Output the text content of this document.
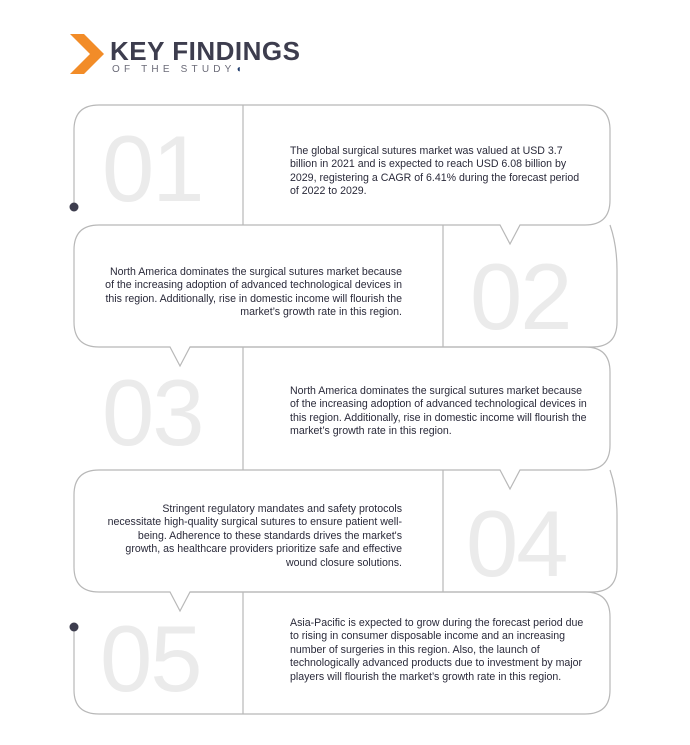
KEY FINDINGS
OF THE STUDY◖
01
02
03
04
05
The global surgical sutures market was valued at USD 3.7 billion in 2021 and is expected to reach USD 6.08 billion by 2029, registering a CAGR of 6.41% during the forecast period of 2022 to 2029.
North America dominates the surgical sutures market because of the increasing adoption of advanced technological devices in this region. Additionally, rise in domestic income will flourish the market’s growth rate in this region.
North America dominates the surgical sutures market because of the increasing adoption of advanced technological devices in this region. Additionally, rise in domestic income will flourish the market’s growth rate in this region.
Stringent regulatory mandates and safety protocols necessitate high-quality surgical sutures to ensure patient well-being. Adherence to these standards drives the market's growth, as healthcare providers prioritize safe and effective wound closure solutions.
Asia-Pacific is expected to grow during the forecast period due to rising in consumer disposable income and an increasing number of surgeries in this region. Also, the launch of technologically advanced products due to investment by major players will flourish the market’s growth rate in this region.
